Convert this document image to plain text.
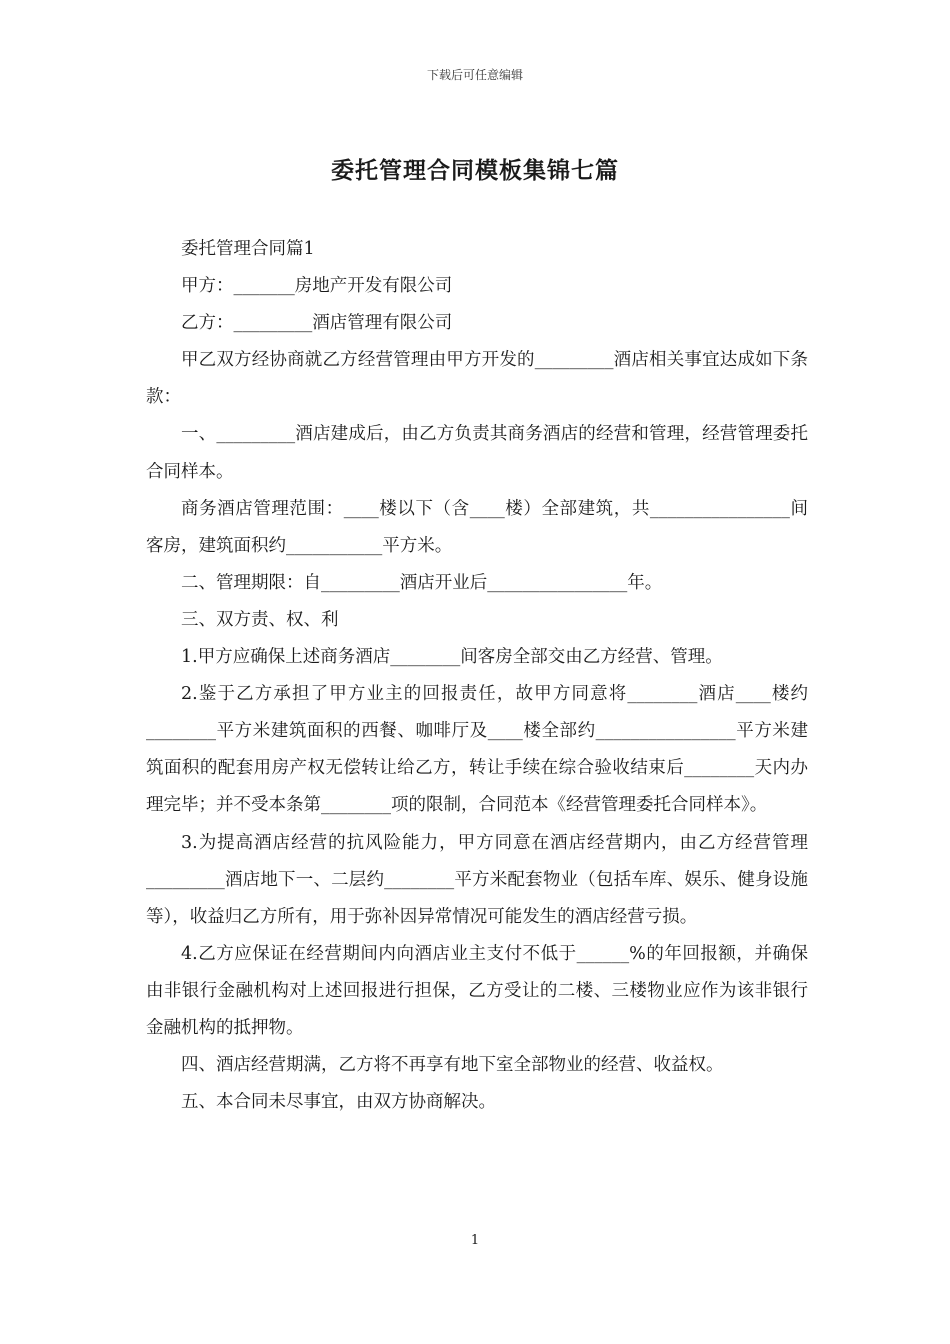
下载后可任意编辑
委托管理合同模板集锦七篇

委托管理合同篇1

甲方：_______房地产开发有限公司

乙方：_________酒店管理有限公司

甲乙双方经协商就乙方经营管理由甲方开发的_________酒店相关事宜达成如下条款：

一、_________酒店建成后，由乙方负责其商务酒店的经营和管理，经营管理委托合同样本。

商务酒店管理范围：____楼以下（含____楼）全部建筑，共________________间客房，建筑面积约___________平方米。

二、管理期限：自_________酒店开业后________________年。

三、双方责、权、利

1.甲方应确保上述商务酒店________间客房全部交由乙方经营、管理。

2.鉴于乙方承担了甲方业主的回报责任，故甲方同意将________酒店____楼约________平方米建筑面积的西餐、咖啡厅及____楼全部约________________平方米建筑面积的配套用房产权无偿转让给乙方，转让手续在综合验收结束后________天内办理完毕；并不受本条第________项的限制，合同范本《经营管理委托合同样本》。

3.为提高酒店经营的抗风险能力，甲方同意在酒店经营期内，由乙方经营管理_________酒店地下一、二层约________平方米配套物业（包括车库、娱乐、健身设施等），收益归乙方所有，用于弥补因异常情况可能发生的酒店经营亏损。

4.乙方应保证在经营期间内向酒店业主支付不低于______%的年回报额，并确保由非银行金融机构对上述回报进行担保，乙方受让的二楼、三楼物业应作为该非银行金融机构的抵押物。

四、酒店经营期满，乙方将不再享有地下室全部物业的经营、收益权。

五、本合同未尽事宜，由双方协商解决。

1
